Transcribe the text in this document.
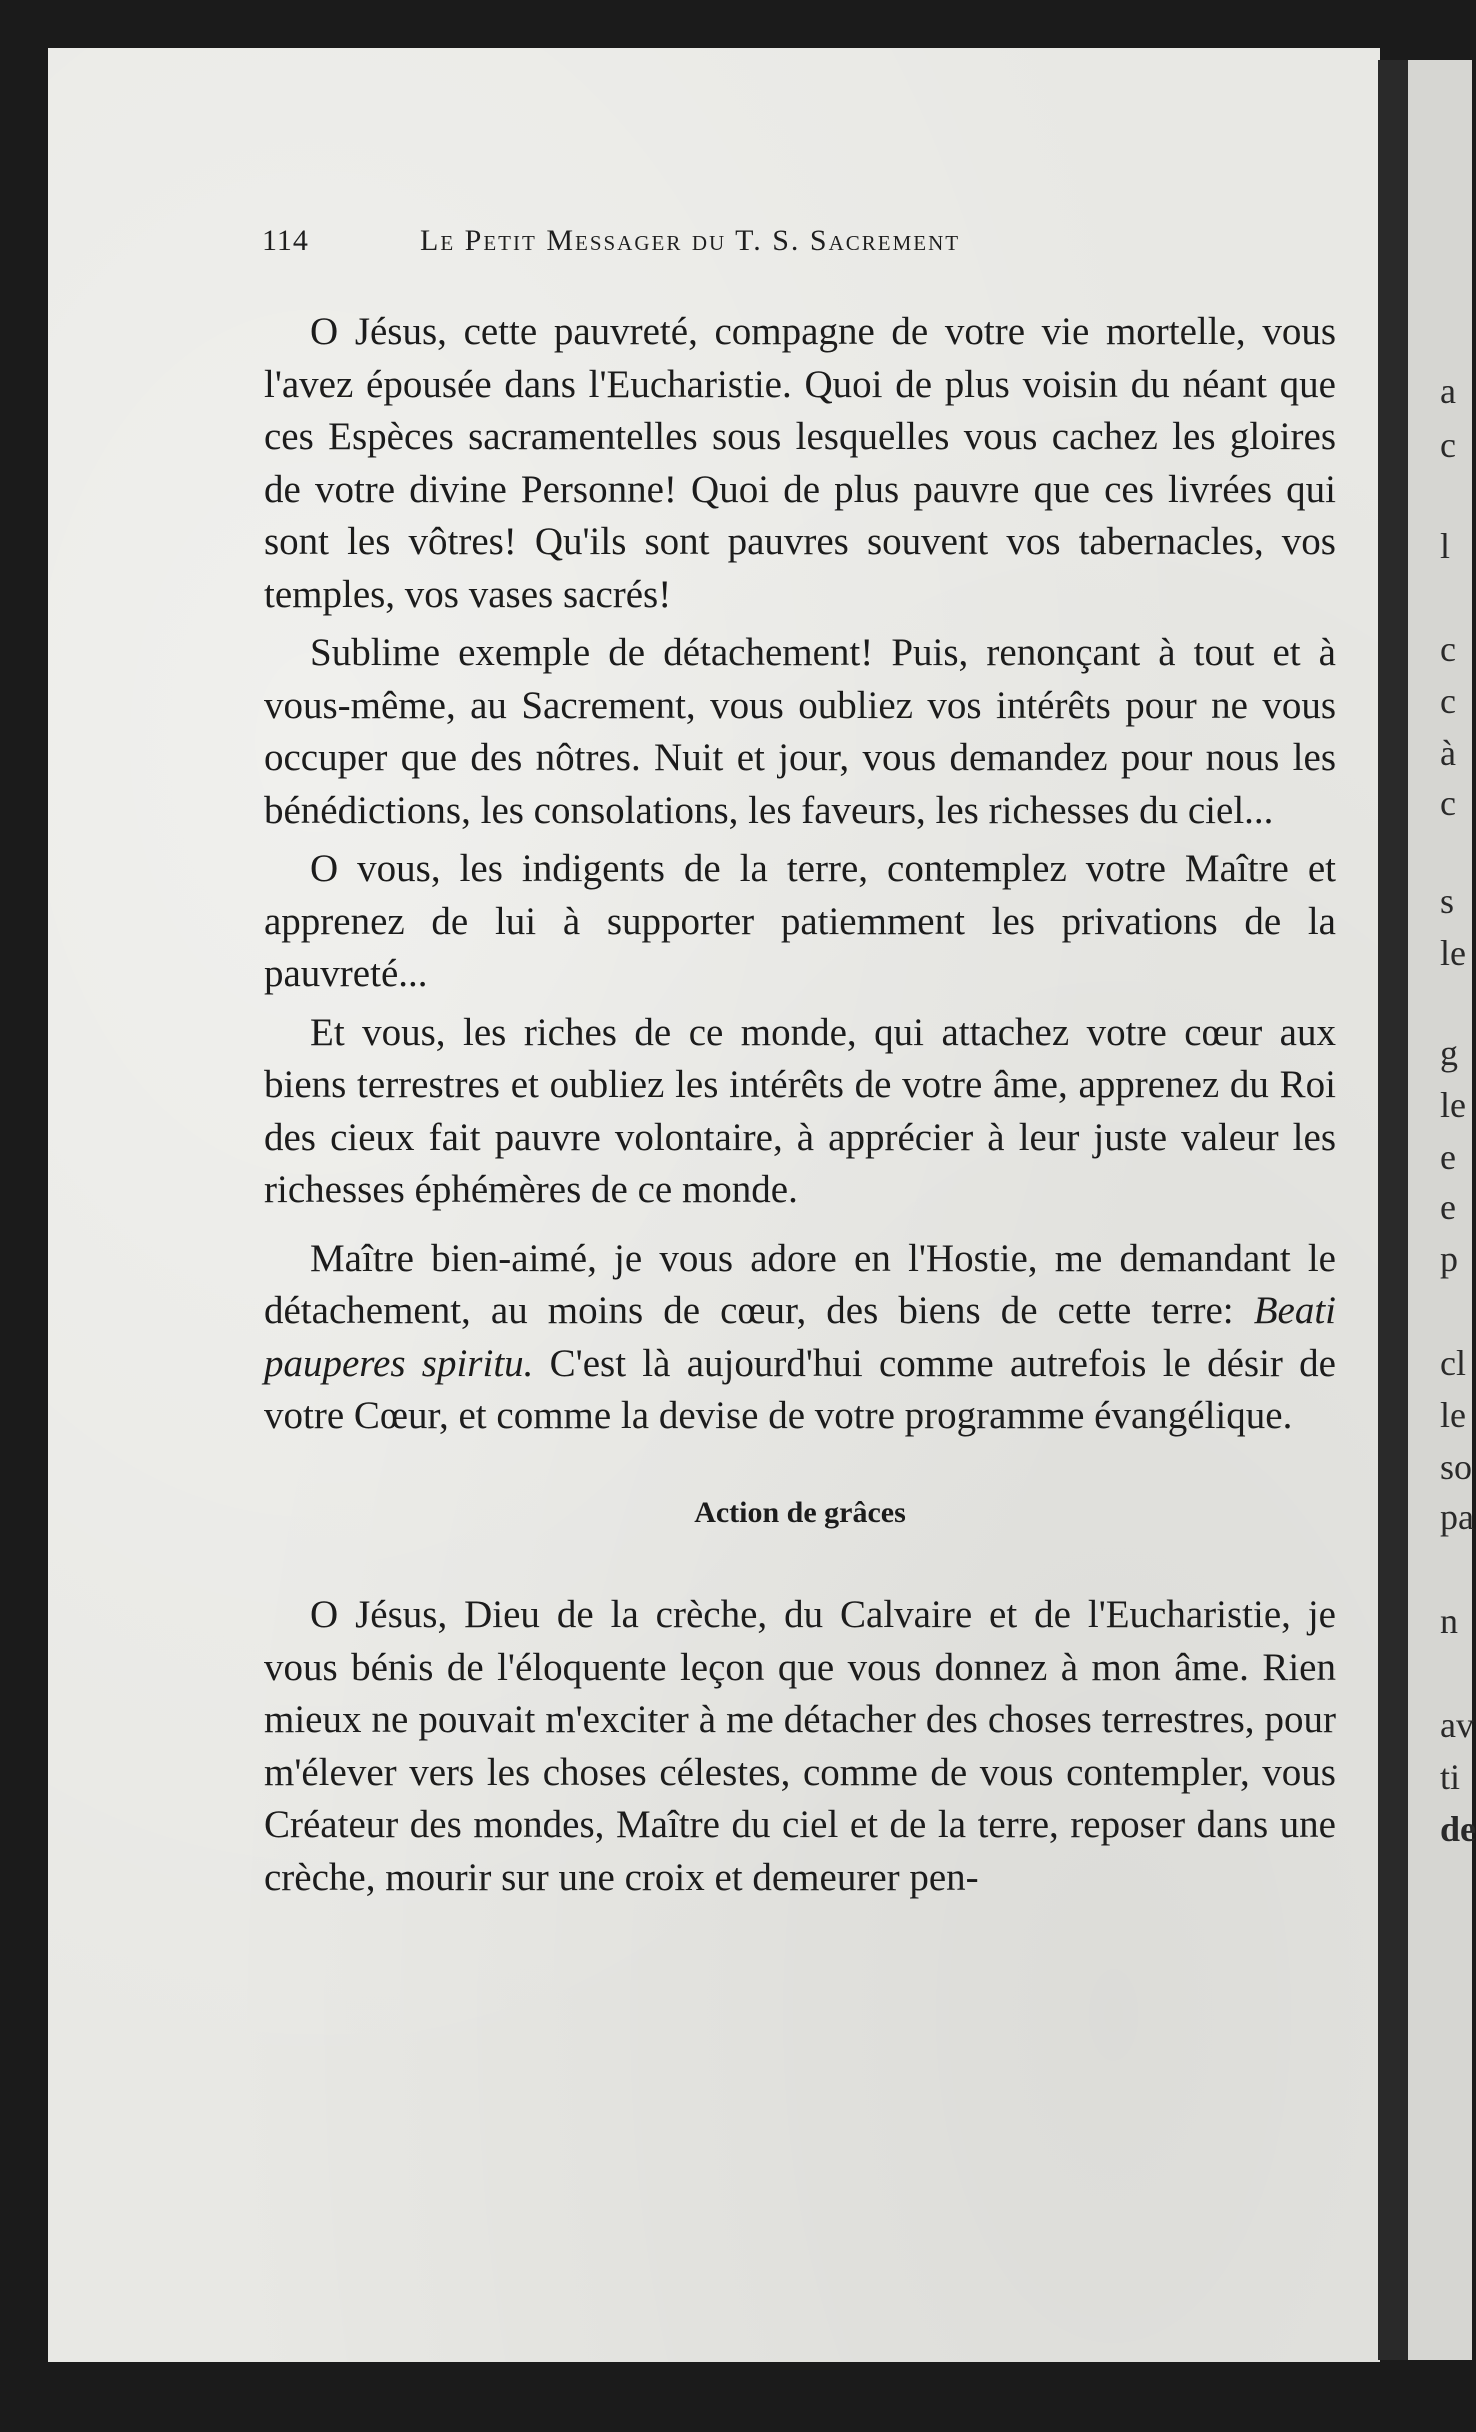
a
c
l
c
c
à
c
s
le
g
le
e
e
p
cl
le
so
pa
n
av
ti
de
114	Le Petit Messager du T. S. Sacrement

O Jésus, cette pauvreté, compagne de votre vie mortelle, vous l'avez épousée dans l'Eucharistie. Quoi de plus voisin du néant que ces Espèces sacramentelles sous lesquelles vous cachez les gloires de votre divine Personne! Quoi de plus pauvre que ces livrées qui sont les vôtres! Qu'ils sont pauvres souvent vos tabernacles, vos temples, vos vases sacrés!

Sublime exemple de détachement! Puis, renonçant à tout et à vous-même, au Sacrement, vous oubliez vos intérêts pour ne vous occuper que des nôtres. Nuit et jour, vous demandez pour nous les bénédictions, les consolations, les faveurs, les richesses du ciel...

O vous, les indigents de la terre, contemplez votre Maître et apprenez de lui à supporter patiemment les privations de la pauvreté...

Et vous, les riches de ce monde, qui attachez votre cœur aux biens terrestres et oubliez les intérêts de votre âme, apprenez du Roi des cieux fait pauvre volontaire, à apprécier à leur juste valeur les richesses éphémères de ce monde.

Maître bien-aimé, je vous adore en l'Hostie, me demandant le détachement, au moins de cœur, des biens de cette terre: Beati pauperes spiritu. C'est là aujourd'hui comme autrefois le désir de votre Cœur, et comme la devise de votre programme évangélique.

Action de grâces

O Jésus, Dieu de la crèche, du Calvaire et de l'Eucharistie, je vous bénis de l'éloquente leçon que vous donnez à mon âme. Rien mieux ne pouvait m'exciter à me détacher des choses terrestres, pour m'élever vers les choses célestes, comme de vous contempler, vous Créateur des mondes, Maître du ciel et de la terre, reposer dans une crèche, mourir sur une croix et demeurer pen-
